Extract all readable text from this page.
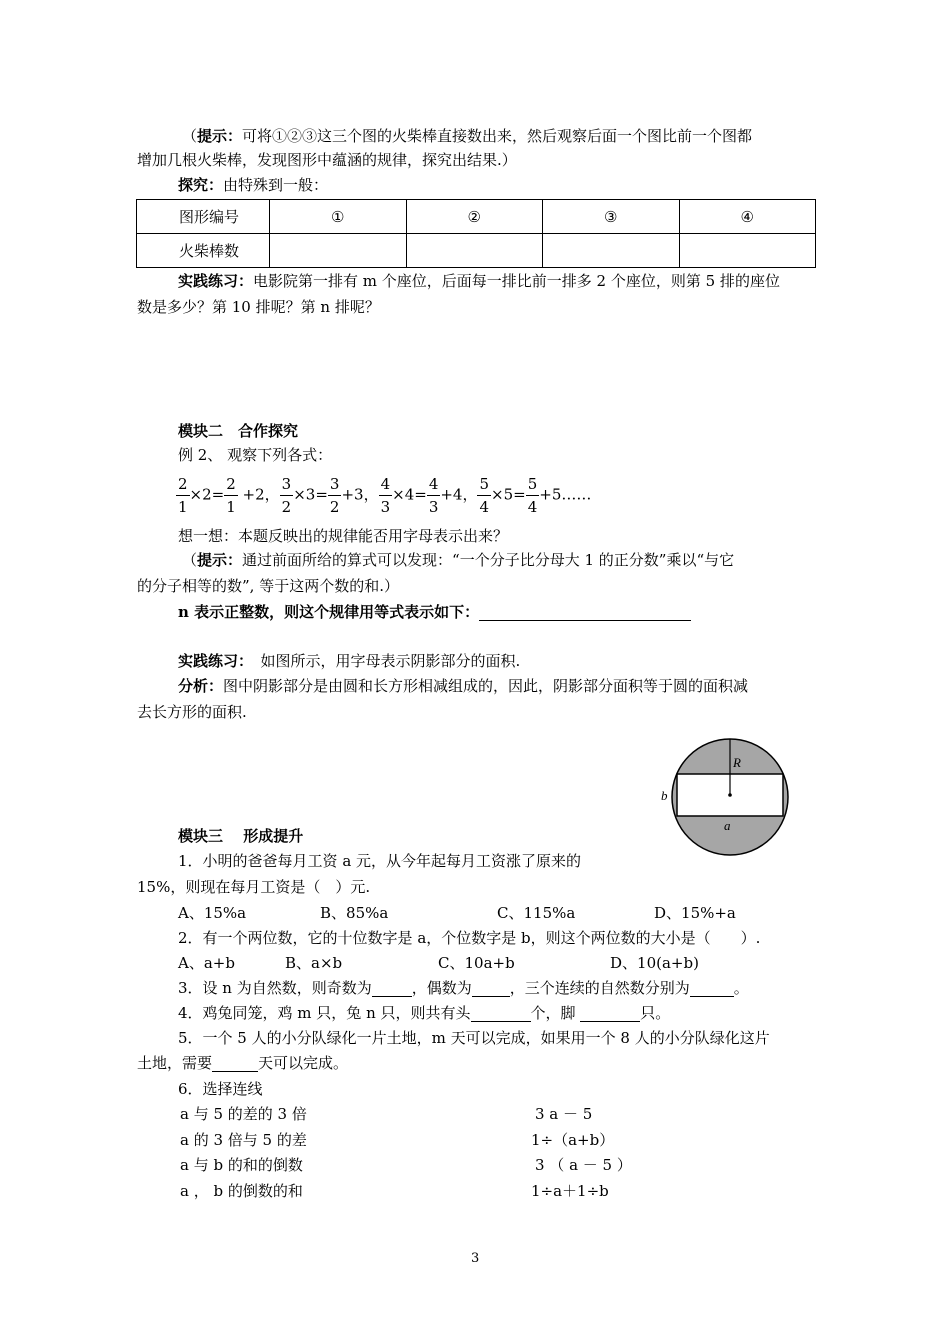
（提示：可将①②③这三个图的火柴棒直接数出来，然后观察后面一个图比前一个图都
增加几根火柴棒，发现图形中蕴涵的规律，探究出结果.）
探究：由特殊到一般：
图形编号	①	②	③	④
火柴棒数				
实践练习：电影院第一排有 m 个座位，后面每一排比前一排多 2 个座位，则第 5 排的座位
数是多少？第 10 排呢？第 n 排呢？
模块二　合作探究
例 2、 观察下列各式：
$\frac{2}{1} \times 2= \frac{2}{1} +2$， $\frac{3}{2} \times 3= \frac{3}{2} +3$， $\frac{4}{3} \times 4= \frac{4}{3} +4$， $\frac{5}{4} \times 5= \frac{5}{4}$ +5……
想一想：本题反映出的规律能否用字母表示出来？
（提示：通过前面所给的算式可以发现：“一个分子比分母大 1 的正分数”乘以“与它
的分子相等的数”, 等于这两个数的和.）
n 表示正整数，则这个规律用等式表示如下：
实践练习：　 如图所示，用字母表示阴影部分的面积.
分析：图中阴影部分是由圆和长方形相减组成的，因此，阴影部分面积等于圆的面积减
去长方形的面积.
R
b
a
模块三　 形成提升
1．小明的爸爸每月工资 a 元，从今年起每月工资涨了原来的
15%，则现在每月工资是（　）元.
A、15%a	B、85%a	C、115%a	D、15%+a
2．有一个两位数，它的十位数字是 a，个位数字是 b，则这个两位数的大小是（　　）.
A、a+b	B、a×b	C、10a+b	D、10(a+b)
3．设 n 为自然数，则奇数为	，偶数为	，三个连续的自然数分别为	。
4．鸡兔同笼，鸡 m 只，兔 n 只，则共有头	个，脚	只。
5．一个 5 人的小分队绿化一片土地，m 天可以完成，如果用一个 8 人的小分队绿化这片
土地，需要	天可以完成。
6．选择连线
a 与 5 的差的 3 倍
a 的 3 倍与 5 的差
a 与 b 的和的倒数
a ， b 的倒数的和
3 a － 5
1÷（a+b）
3 （ a － 5 ）
1÷a＋1÷b
3
